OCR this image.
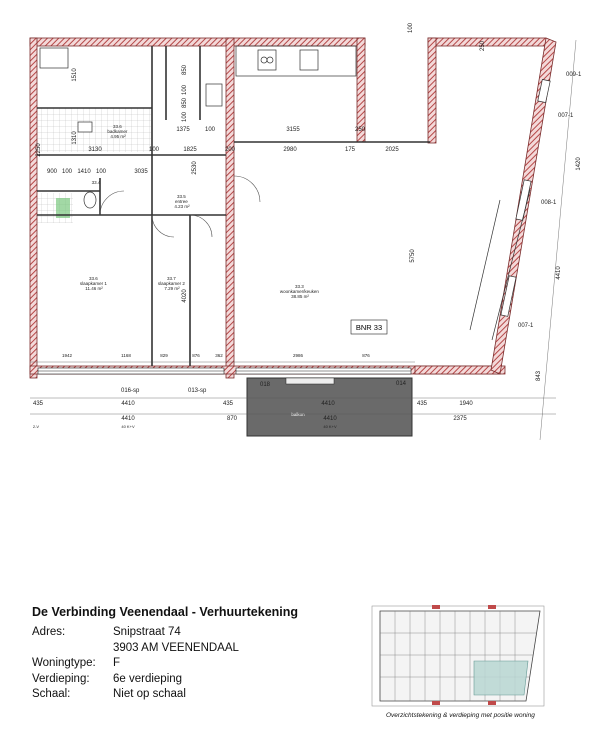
33.6 badkamer 4.95 m²
33.4
33.5 entree 4.23 m²
33.6 slaapkamer 1 11.46 m²
33.7 slaapkamer 2 7.29 m²	33.3 woonkamer/keuken 38.85 m²
balkon
BNR 33
016-sp	013-sp
009-1
007-1
008-1
007-1
018	014
1375	100	3155	250
3130	100	1825	200	2980	175	2025
900 100 1410 100	3035
1942	1168	829	876	362	2986	876
435	4410	435	4410	435	1940
4410	870	4410	2375
40 K+V	40 K+V
2-V
1510	850
100
850
100
1310
2250
2530
4020
5750
1420
4410
843
100
250
De Verbinding Veenendaal - Verhuurtekening
Adres:	Snipstraat 74
3903 AM VEENENDAAL
Woningtype:	F
Verdieping:	6e verdieping
Schaal:	Niet op schaal
Overzichtstekening & verdieping met positie woning
